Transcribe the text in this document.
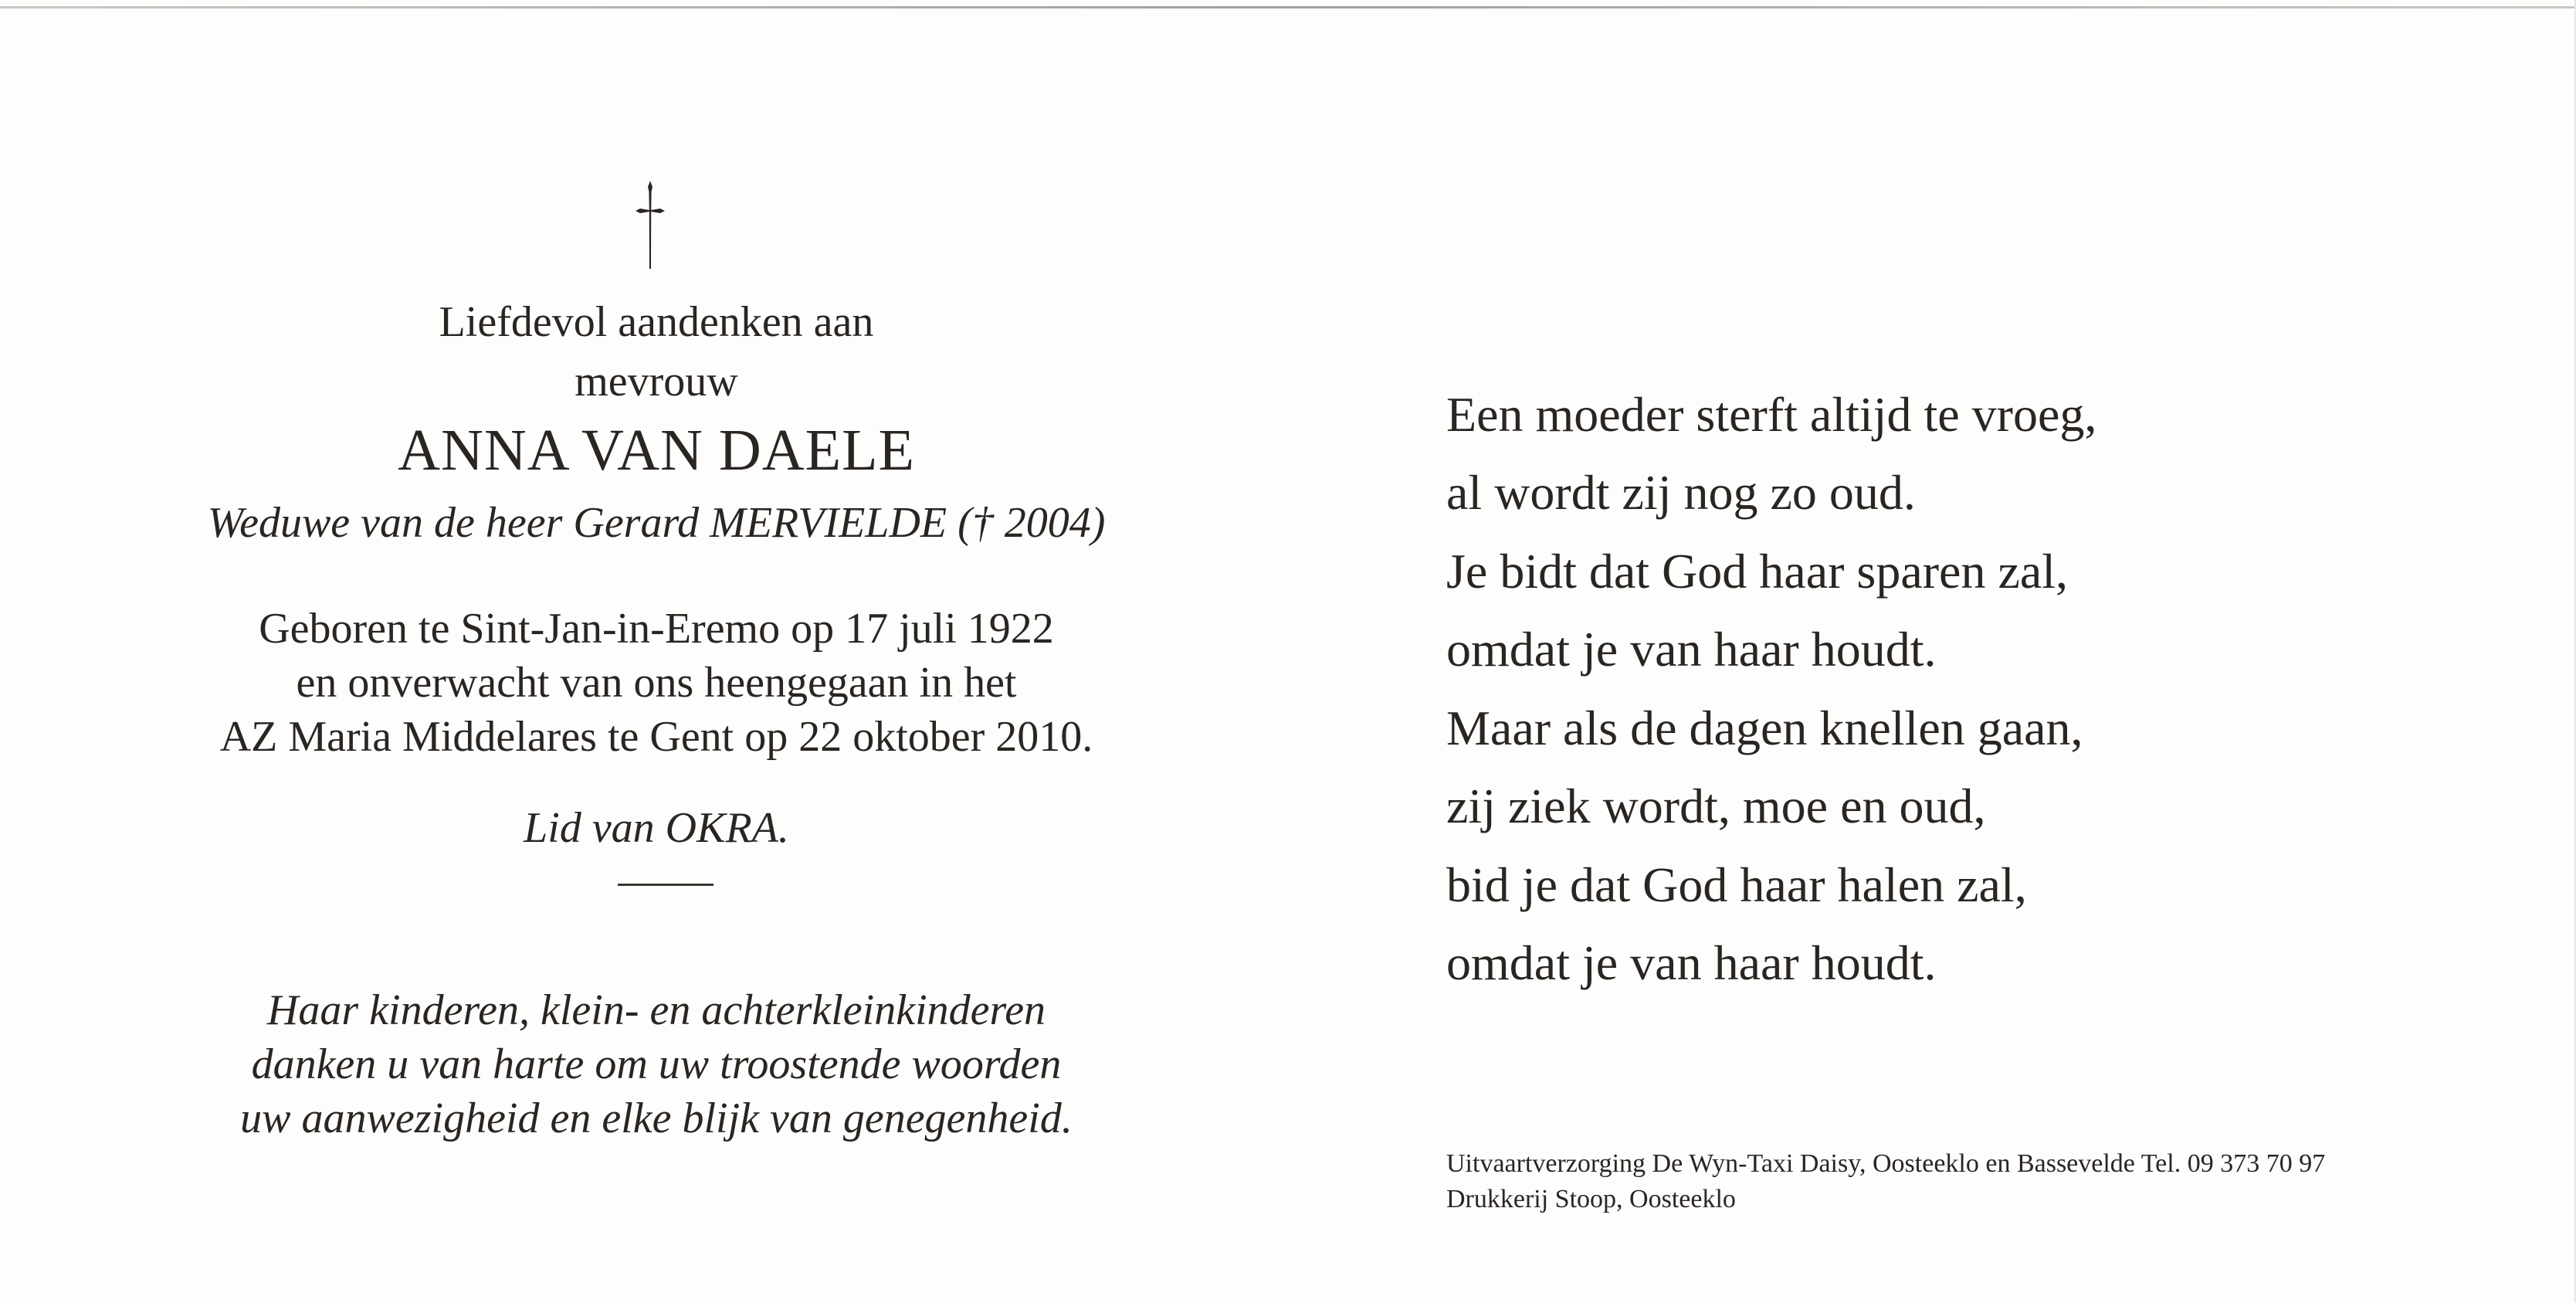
Liefdevol aandenken aan
mevrouw
ANNA VAN DAELE
Weduwe van de heer Gerard MERVIELDE († 2004)
Geboren te Sint-Jan-in-Eremo op 17 juli 1922
en onverwacht van ons heengegaan in het
AZ Maria Middelares te Gent op 22 oktober 2010.
Lid van OKRA.
Haar kinderen, klein- en achterkleinkinderen
danken u van harte om uw troostende woorden
uw aanwezigheid en elke blijk van genegenheid.
Een moeder sterft altijd te vroeg,
al wordt zij nog zo oud.
Je bidt dat God haar sparen zal,
omdat je van haar houdt.
Maar als de dagen knellen gaan,
zij ziek wordt, moe en oud,
bid je dat God haar halen zal,
omdat je van haar houdt.
Uitvaartverzorging De Wyn-Taxi Daisy, Oosteeklo en Bassevelde Tel. 09 373 70 97
Drukkerij Stoop, Oosteeklo
